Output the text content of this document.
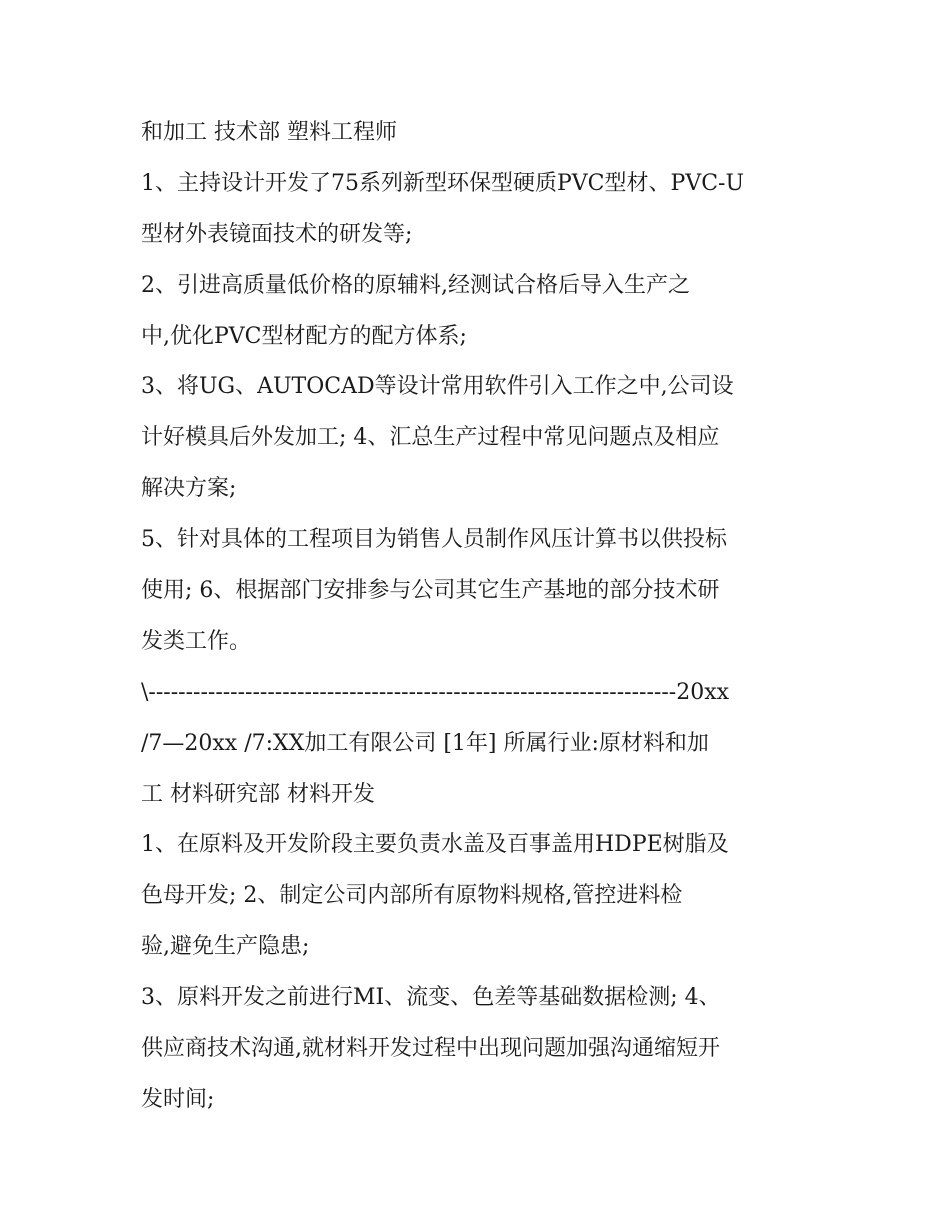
和加工 技术部 塑料工程师
1、主持设计开发了75系列新型环保型硬质PVC型材、PVC-U
型材外表镜面技术的研发等;
2、引进高质量低价格的原辅料,经测试合格后导入生产之
中,优化PVC型材配方的配方体系;
3、将UG、AUTOCAD等设计常用软件引入工作之中,公司设
计好模具后外发加工; 4、汇总生产过程中常见问题点及相应
解决方案;
5、针对具体的工程项目为销售人员制作风压计算书以供投标
使用; 6、根据部门安排参与公司其它生产基地的部分技术研
发类工作。
\-----------------------------------------------------------------------20xx
/7—20xx /7:XX加工有限公司 [1年] 所属行业:原材料和加
工 材料研究部 材料开发
1、在原料及开发阶段主要负责水盖及百事盖用HDPE树脂及
色母开发; 2、制定公司内部所有原物料规格,管控进料检
验,避免生产隐患;
3、原料开发之前进行MI、流变、色差等基础数据检测; 4、
供应商技术沟通,就材料开发过程中出现问题加强沟通缩短开
发时间;
